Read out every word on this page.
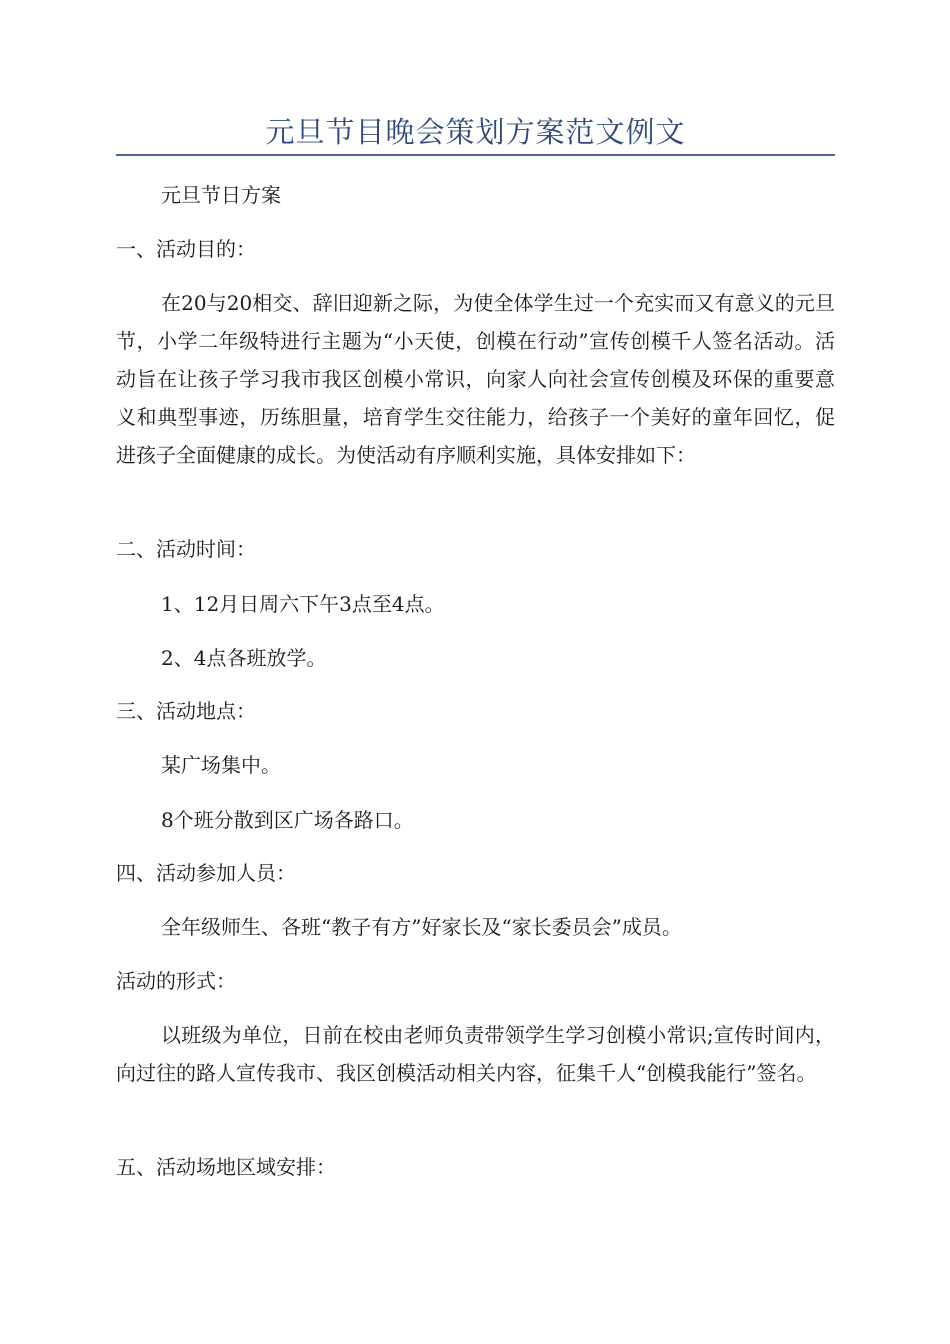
元旦节目晚会策划方案范文例文
元旦节日方案
一、活动目的：
在20与20相交、辞旧迎新之际，为使全体学生过一个充实而又有意义的元旦节，小学二年级特进行主题为“小天使，创模在行动”宣传创模千人签名活动。活动旨在让孩子学习我市我区创模小常识，向家人向社会宣传创模及环保的重要意义和典型事迹，历练胆量，培育学生交往能力，给孩子一个美好的童年回忆，促进孩子全面健康的成长。为使活动有序顺利实施，具体安排如下：
二、活动时间：
1、12月日周六下午3点至4点。
2、4点各班放学。
三、活动地点：
某广场集中。
8个班分散到区广场各路口。
四、活动参加人员：
全年级师生、各班“教子有方”好家长及“家长委员会”成员。
活动的形式：
以班级为单位，日前在校由老师负责带领学生学习创模小常识;宣传时间内，向过往的路人宣传我市、我区创模活动相关内容，征集千人“创模我能行”签名。
五、活动场地区域安排：
